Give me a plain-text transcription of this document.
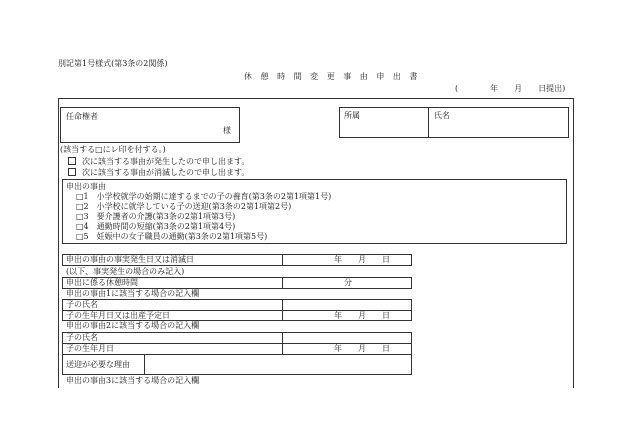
別記第1号様式(第3条の2関係)
休 憩 時 間 変 更 事 由 申 出 書
(　　　　年　　月　　日提出)
任命権者
様
所属	氏名
(該当する□にレ印を付する。)
次に該当する事由が発生したので申し出ます。
次に該当する事由が消滅したので申し出ます。
申出の事由
□1　小学校就学の始期に達するまでの子の養育(第3条の2第1項第1号)
□2　小学校に就学している子の送迎(第3条の2第1項第2号)
□3　要介護者の介護(第3条の2第1項第3号)
□4　通勤時間の短縮(第3条の2第1項第4号)
□5　妊娠中の女子職員の通勤(第3条の2第1項第5号)
申出の事由の事実発生日又は消滅日	年　　月　　日
(以下、事実発生の場合のみ記入)
申出に係る休憩時間	分
申出の事由1に該当する場合の記入欄
子の氏名
子の生年月日又は出産予定日	年　　月　　日
申出の事由2に該当する場合の記入欄
子の氏名
子の生年月日	年　　月　　日
送迎が必要な理由
申出の事由3に該当する場合の記入欄
